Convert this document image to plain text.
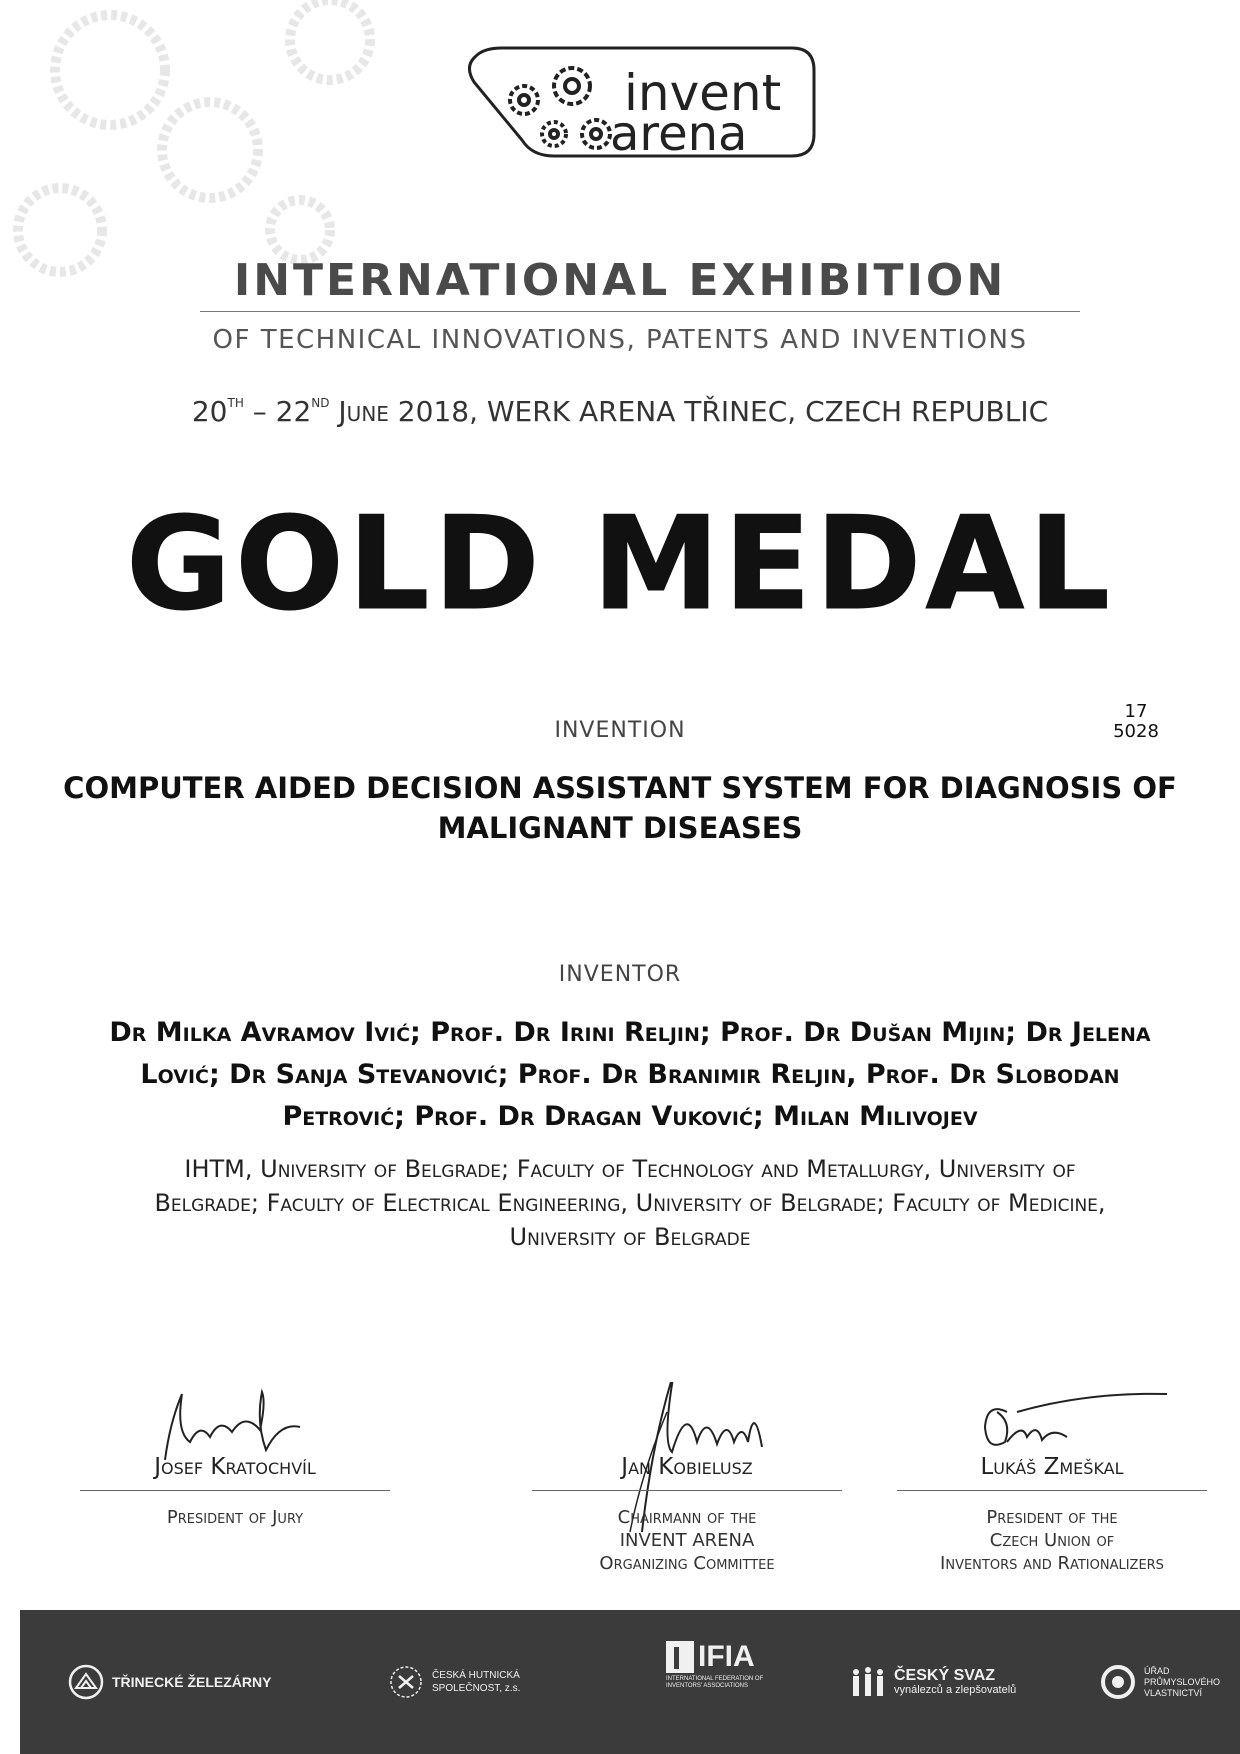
invent
arena
INTERNATIONAL EXHIBITION
OF TECHNICAL INNOVATIONS, PATENTS AND INVENTIONS
20TH – 22ND June 2018, WERK ARENA TŘINEC, CZECH REPUBLIC
GOLD MEDAL
INVENTION
17
5028
COMPUTER AIDED DECISION ASSISTANT SYSTEM FOR DIAGNOSIS OF
MALIGNANT DISEASES
INVENTOR
Dr Milka Avramov Ivić; Prof. Dr Irini Reljin; Prof. Dr Dušan Mijin; Dr Jelena
Lović; Dr Sanja Stevanović; Prof. Dr Branimir Reljin, Prof. Dr Slobodan
Petrović; Prof. Dr Dragan Vuković; Milan Milivojev
IHTM, University of Belgrade; Faculty of Technology and Metallurgy, University of
Belgrade; Faculty of Electrical Engineering, University of Belgrade; Faculty of Medicine,
University of Belgrade
Josef Kratochvíl
President of Jury
Jan Kobielusz
Chairmann of the
INVENT ARENA
Organizing Committee
Lukáš Zmeškal
President of the
Czech Union of
Inventors and Rationalizers
TŘINECKÉ ŽELEZÁRNY	ČESKÁ HUTNICKÁ
SPOLEČNOST, z.s.
IFIA
INTERNATIONAL FEDERATION OF INVENTORS' ASSOCIATIONS
ČESKÝ SVAZ
vynálezců a zlepšovatelů
ÚŘAD
PRŮMYSLOVÉHO
VLASTNICTVÍ
